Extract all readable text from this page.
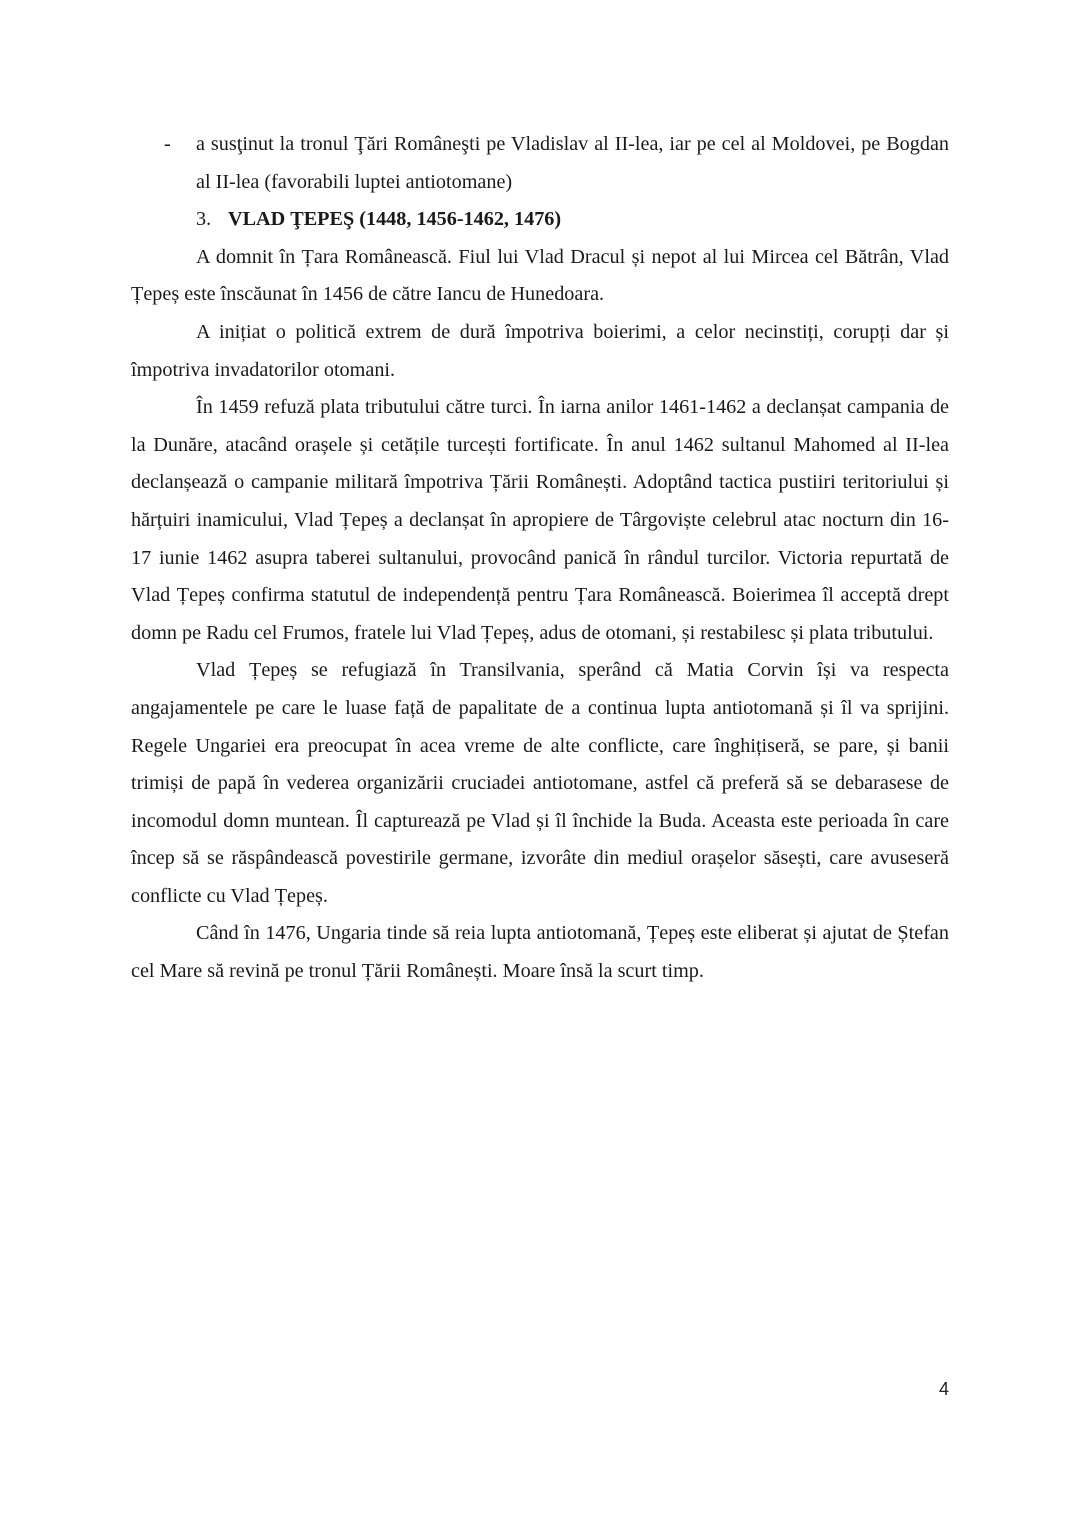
- a susţinut la tronul Ţări Româneşti pe Vladislav al II-lea, iar pe cel al Moldovei, pe Bogdan al II-lea (favorabili luptei antiotomane)
3. VLAD ŢEPEŞ (1448, 1456-1462, 1476)

A domnit în Țara Românească. Fiul lui Vlad Dracul și nepot al lui Mircea cel Bătrân, Vlad Țepeș este înscăunat în 1456 de către Iancu de Hunedoara.

A inițiat o politică extrem de dură împotriva boierimi, a celor necinstiți, corupți dar și împotriva invadatorilor otomani.

În 1459 refuză plata tributului către turci. În iarna anilor 1461-1462 a declanșat campania de la Dunăre, atacând orașele și cetățile turcești fortificate. În anul 1462 sultanul Mahomed al II-lea declanșează o campanie militară împotriva Țării Românești. Adoptând tactica pustiiri teritoriului și hărțuiri inamicului, Vlad Țepeș a declanșat în apropiere de Târgoviște celebrul atac nocturn din 16-17 iunie 1462 asupra taberei sultanului, provocând panică în rândul turcilor. Victoria repurtată de Vlad Țepeș confirma statutul de independență pentru Țara Românească. Boierimea îl acceptă drept domn pe Radu cel Frumos, fratele lui Vlad Țepeș, adus de otomani, și restabilesc și plata tributului.

Vlad Țepeș se refugiază în Transilvania, sperând că Matia Corvin își va respecta angajamentele pe care le luase față de papalitate de a continua lupta antiotomană și îl va sprijini. Regele Ungariei era preocupat în acea vreme de alte conflicte, care înghițiseră, se pare, și banii trimiși de papă în vederea organizării cruciadei antiotomane, astfel că preferă să se debarasese de incomodul domn muntean. Îl capturează pe Vlad și îl închide la Buda. Aceasta este perioada în care încep să se răspândească povestirile germane, izvorâte din mediul orașelor săsești, care avuseseră conflicte cu Vlad Țepeș.

Când în 1476, Ungaria tinde să reia lupta antiotomană, Țepeș este eliberat și ajutat de Ștefan cel Mare să revină pe tronul Țării Românești. Moare însă la scurt timp.

4
